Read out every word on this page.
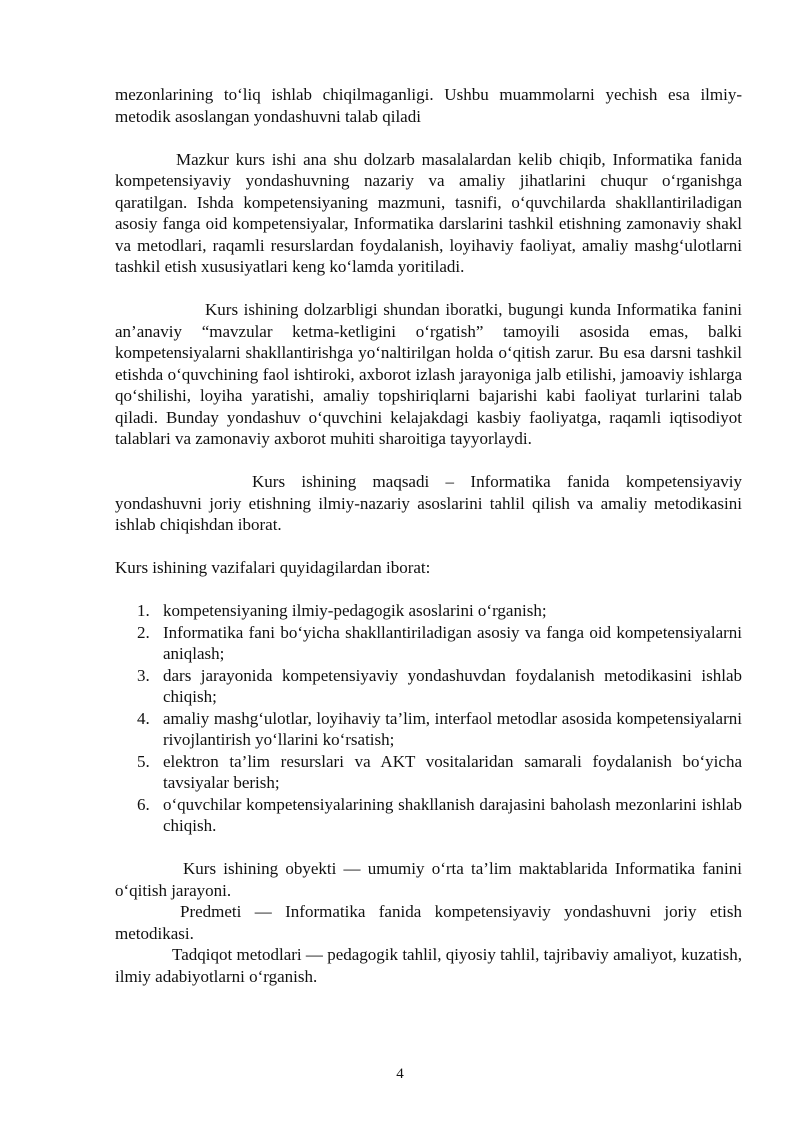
mezonlarining to‘liq ishlab chiqilmaganligi. Ushbu muammolarni yechish esa ilmiy-metodik asoslangan yondashuvni talab qiladi

Mazkur kurs ishi ana shu dolzarb masalalardan kelib chiqib, Informatika fanida kompetensiyaviy yondashuvning nazariy va amaliy jihatlarini chuqur o‘rganishga qaratilgan. Ishda kompetensiyaning mazmuni, tasnifi, o‘quvchilarda shakllantiriladigan asosiy fanga oid kompetensiyalar, Informatika darslarini tashkil etishning zamonaviy shakl va metodlari, raqamli resurslardan foydalanish, loyihaviy faoliyat, amaliy mashg‘ulotlarni tashkil etish xususiyatlari keng ko‘lamda yoritiladi.

Kurs ishining dolzarbligi shundan iboratki, bugungi kunda Informatika fanini an’anaviy “mavzular ketma-ketligini o‘rgatish” tamoyili asosida emas, balki kompetensiyalarni shakllantirishga yo‘naltirilgan holda o‘qitish zarur. Bu esa darsni tashkil etishda o‘quvchining faol ishtiroki, axborot izlash jarayoniga jalb etilishi, jamoaviy ishlarga qo‘shilishi, loyiha yaratishi, amaliy topshiriqlarni bajarishi kabi faoliyat turlarini talab qiladi. Bunday yondashuv o‘quvchini kelajakdagi kasbiy faoliyatga, raqamli iqtisodiyot talablari va zamonaviy axborot muhiti sharoitiga tayyorlaydi.

Kurs ishining maqsadi – Informatika fanida kompetensiyaviy yondashuvni joriy etishning ilmiy-nazariy asoslarini tahlil qilish va amaliy metodikasini ishlab chiqishdan iborat.

Kurs ishining vazifalari quyidagilardan iborat:

1. kompetensiyaning ilmiy-pedagogik asoslarini o‘rganish;
2. Informatika fani bo‘yicha shakllantiriladigan asosiy va fanga oid kompetensiyalarni aniqlash;
3. dars jarayonida kompetensiyaviy yondashuvdan foydalanish metodikasini ishlab chiqish;
4. amaliy mashg‘ulotlar, loyihaviy ta’lim, interfaol metodlar asosida kompetensiyalarni rivojlantirish yo‘llarini ko‘rsatish;
5. elektron ta’lim resurslari va AKT vositalaridan samarali foydalanish bo‘yicha tavsiyalar berish;
6. o‘quvchilar kompetensiyalarining shakllanish darajasini baholash mezonlarini ishlab chiqish.

Kurs ishining obyekti — umumiy o‘rta ta’lim maktablarida Informatika fanini o‘qitish jarayoni.

Predmeti — Informatika fanida kompetensiyaviy yondashuvni joriy etish metodikasi.

Tadqiqot metodlari — pedagogik tahlil, qiyosiy tahlil, tajribaviy amaliyot, kuzatish, ilmiy adabiyotlarni o‘rganish.

4
